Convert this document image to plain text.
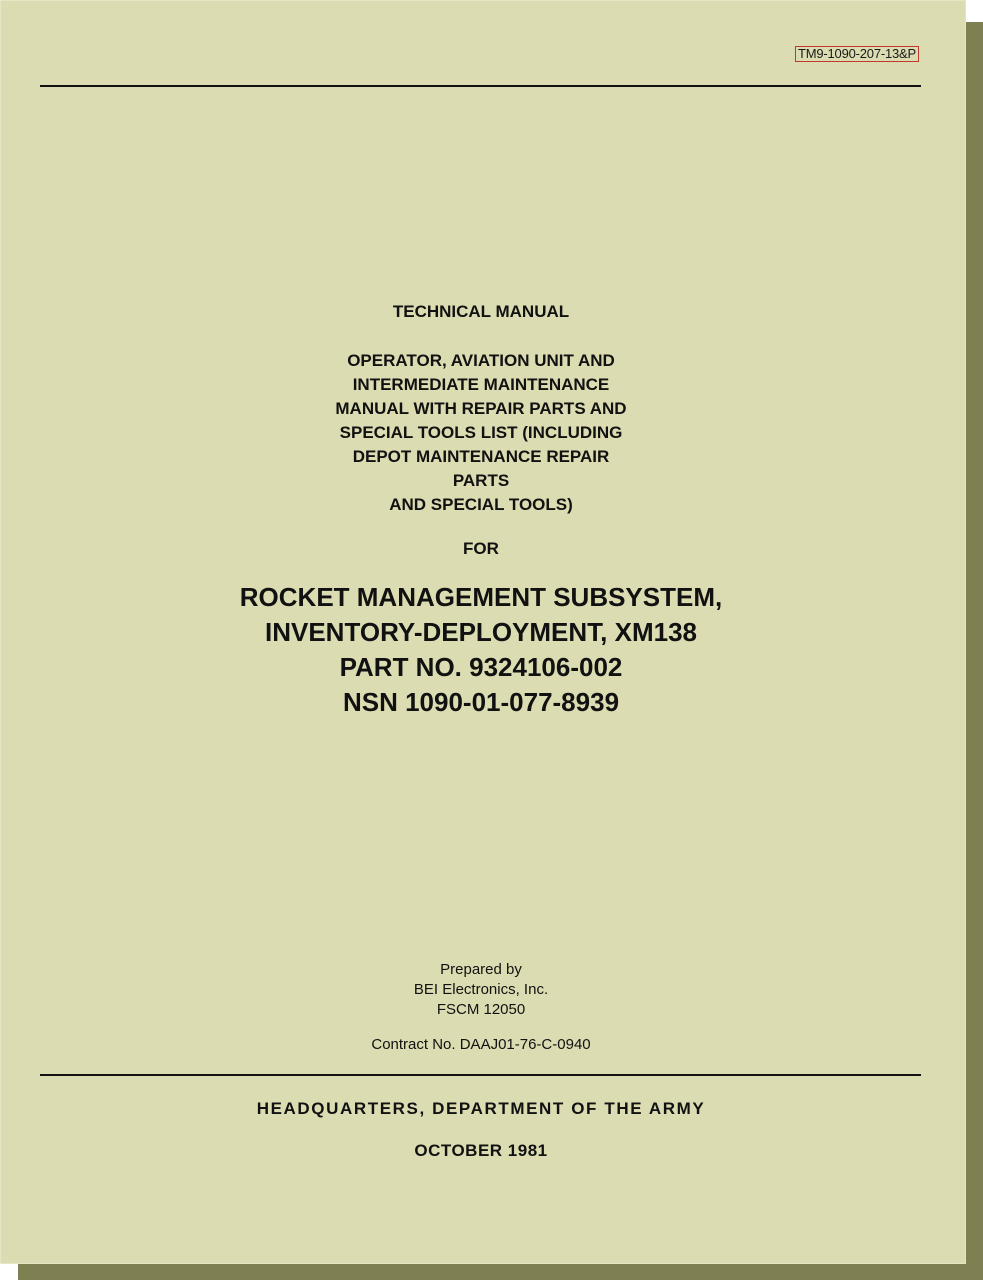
TM9-1090-207-13&P
TECHNICAL MANUAL
OPERATOR, AVIATION UNIT AND
INTERMEDIATE MAINTENANCE
MANUAL WITH REPAIR PARTS AND
SPECIAL TOOLS LIST (INCLUDING
DEPOT MAINTENANCE REPAIR
PARTS
AND SPECIAL TOOLS)
FOR
ROCKET MANAGEMENT SUBSYSTEM,
INVENTORY-DEPLOYMENT, XM138
PART NO. 9324106-002
NSN 1090-01-077-8939
Prepared by
BEI Electronics, Inc.
FSCM 12050
Contract No. DAAJ01-76-C-0940
HEADQUARTERS, DEPARTMENT OF THE ARMY
OCTOBER 1981
